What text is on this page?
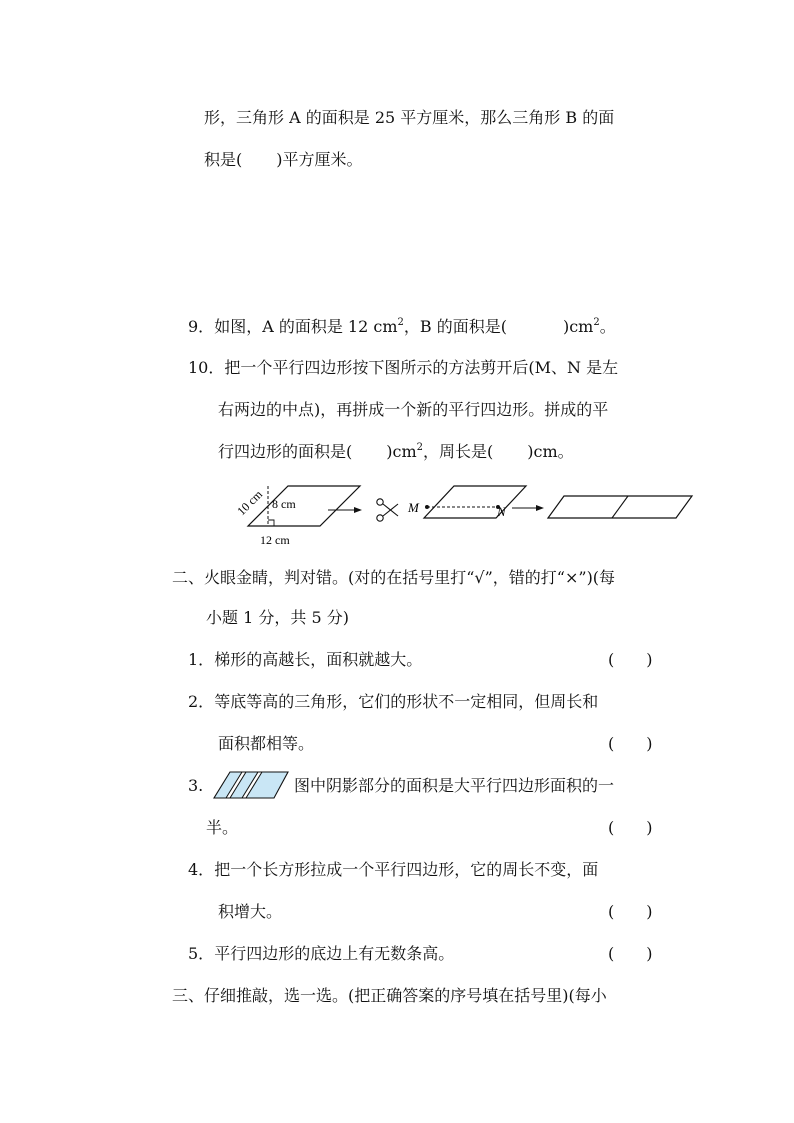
形，三角形 A 的面积是 25 平方厘米，那么三角形 B 的面
积是( )平方厘米。
9．如图，A 的面积是 12 $cm^2$，B 的面积是(	)$cm^2$。
10．把一个平行四边形按下图所示的方法剪开后(M、N 是左
右两边的中点)，再拼成一个新的平行四边形。拼成的平
行四边形的面积是( )$cm^2$，周长是( )cm。
10 cm 8 cm
12 cm
M	N
二、火眼金睛，判对错。(对的在括号里打“√”，错的打“×”)(每
小题 1 分，共 5 分)
1．梯形的高越长，面积就越大。	(　　)
2．等底等高的三角形，它们的形状不一定相同，但周长和
面积都相等。	(　　)
3.	图中阴影部分的面积是大平行四边形面积的一
半。	(　　)
4．把一个长方形拉成一个平行四边形，它的周长不变，面
积增大。	(　　)
5．平行四边形的底边上有无数条高。	(　　)
三、仔细推敲，选一选。(把正确答案的序号填在括号里)(每小
